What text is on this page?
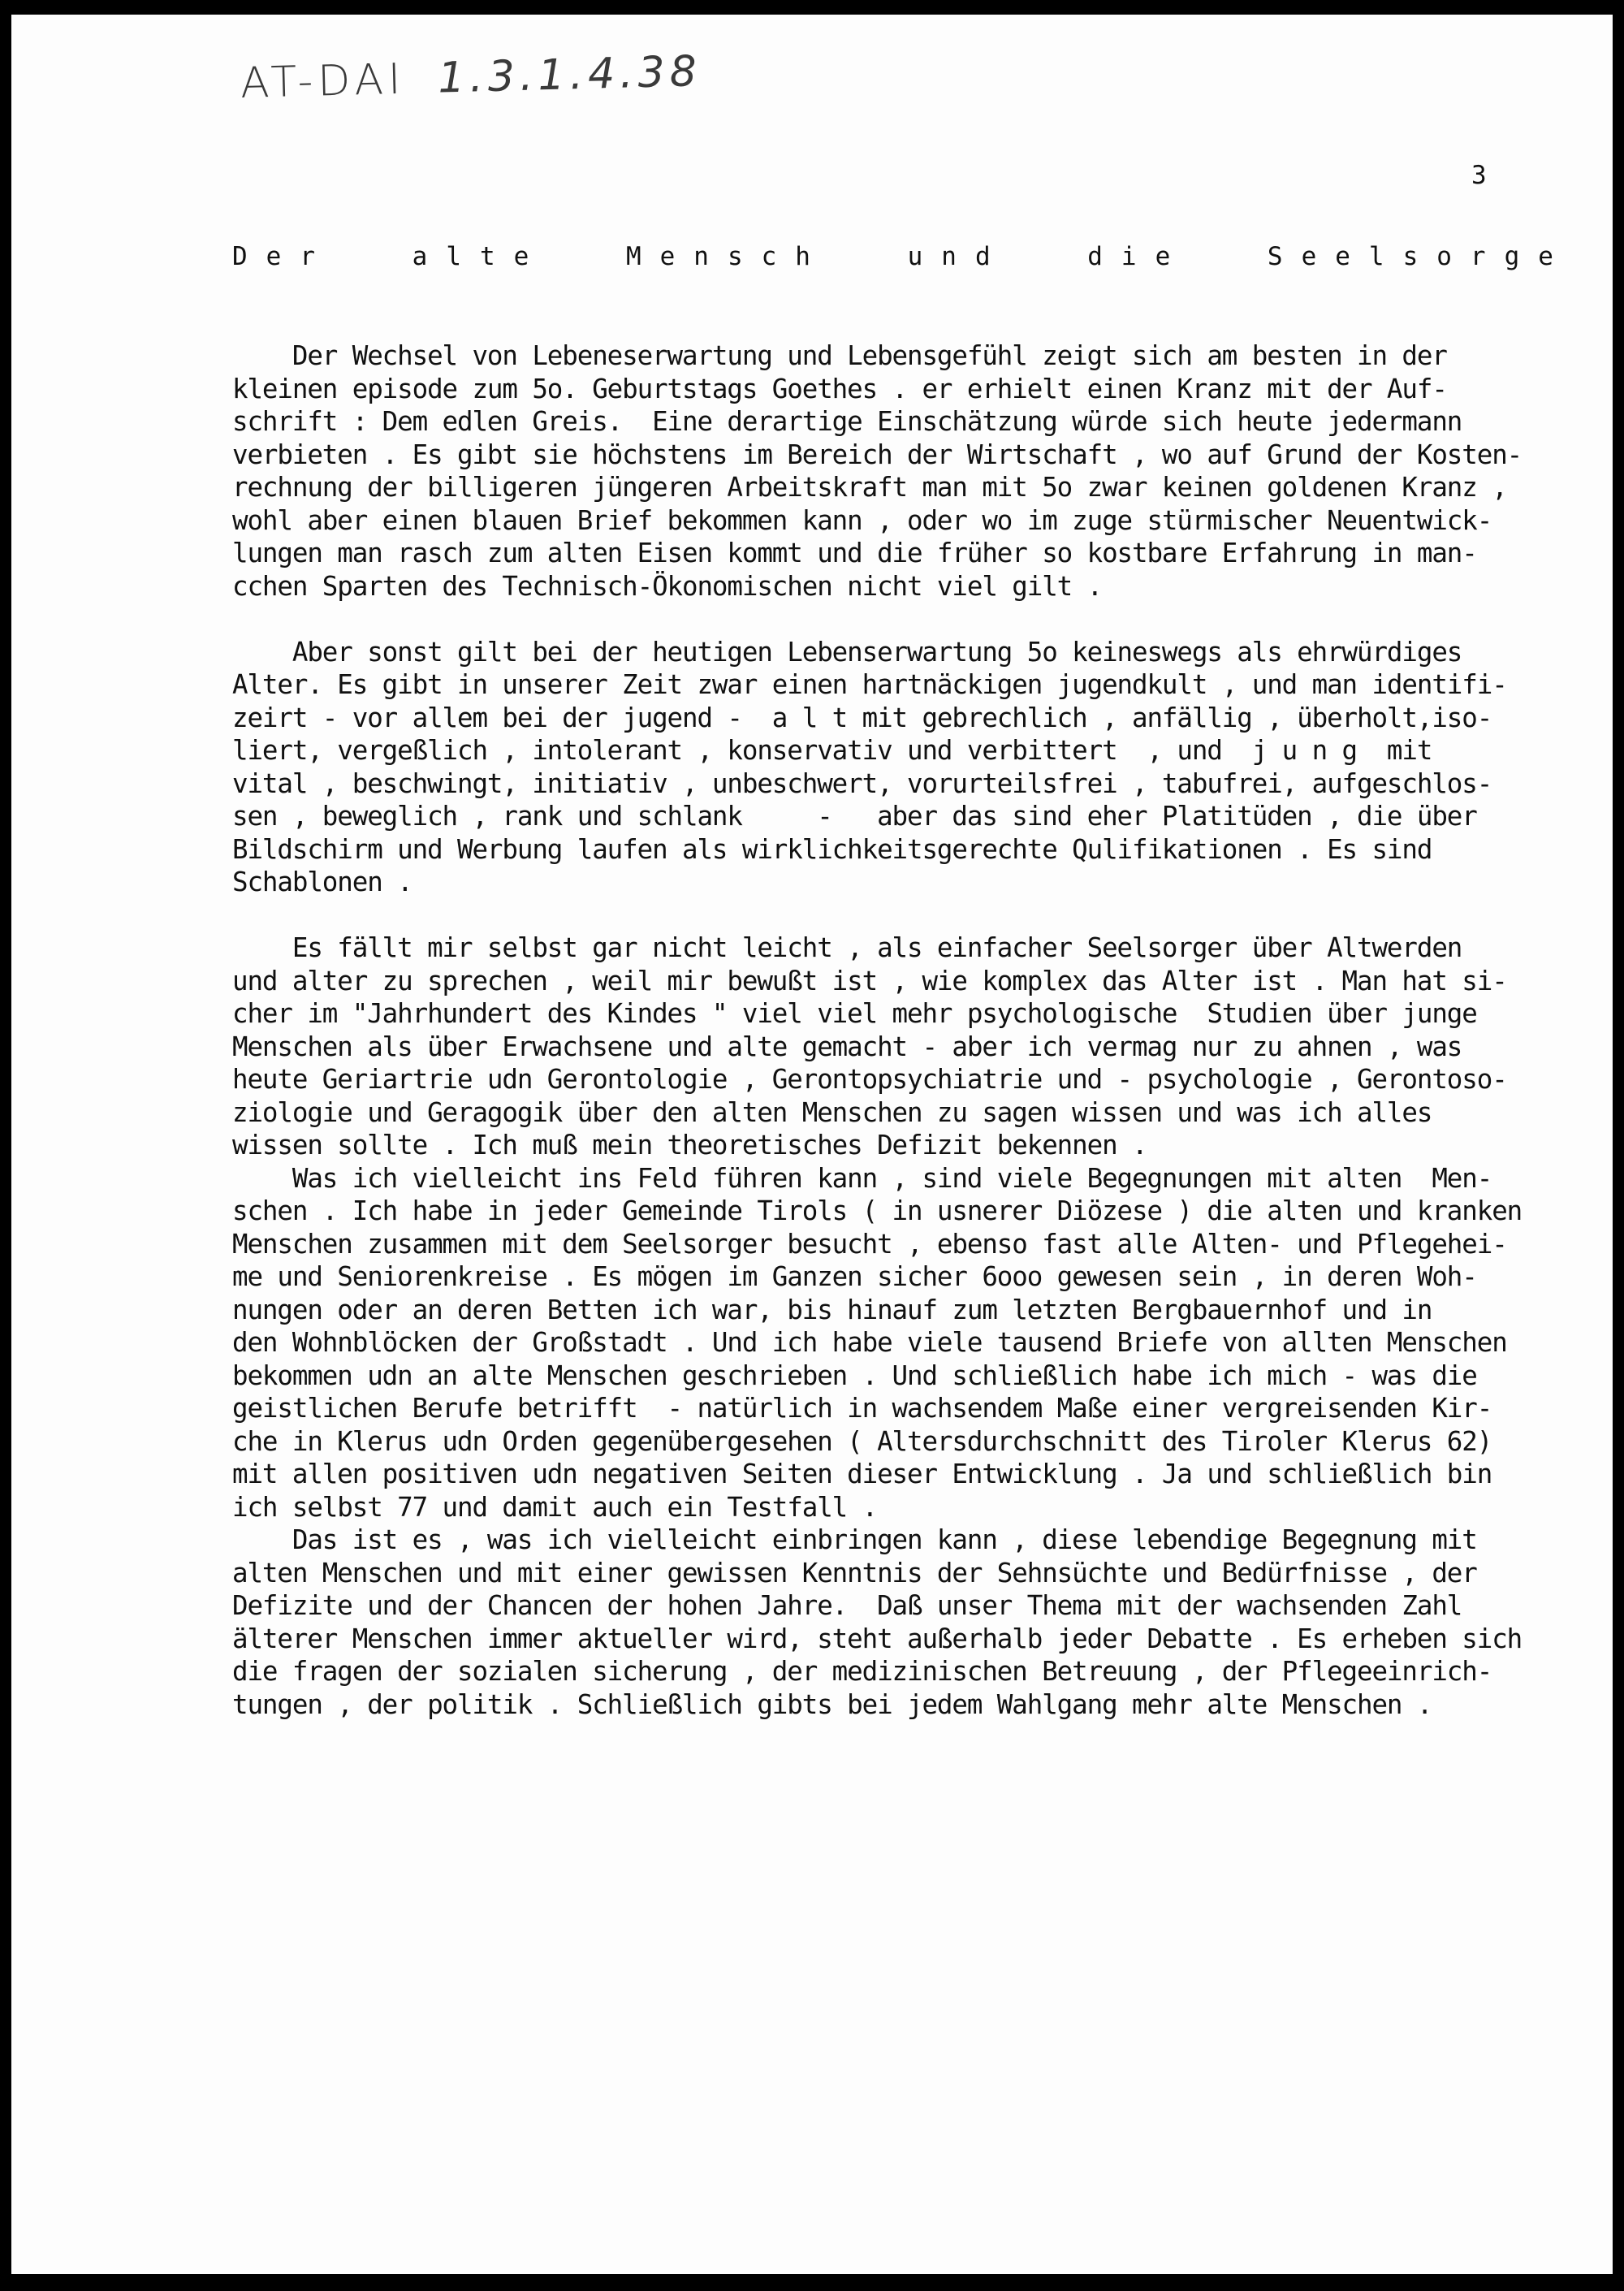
AT-DAI 1.3.1.4.38
3
Der alte Mensch und die Seelsorge
Der Wechsel von Lebeneserwartung und Lebensgefühl zeigt sich am besten in der
kleinen episode zum 5o. Geburtstags Goethes . er erhielt einen Kranz mit der Auf-
schrift : Dem edlen Greis.  Eine derartige Einschätzung würde sich heute jedermann
verbieten . Es gibt sie höchstens im Bereich der Wirtschaft , wo auf Grund der Kosten-
rechnung der billigeren jüngeren Arbeitskraft man mit 5o zwar keinen goldenen Kranz ,
wohl aber einen blauen Brief bekommen kann , oder wo im zuge stürmischer Neuentwick-
lungen man rasch zum alten Eisen kommt und die früher so kostbare Erfahrung in man-
cchen Sparten des Technisch-Ökonomischen nicht viel gilt .
Aber sonst gilt bei der heutigen Lebenserwartung 5o keineswegs als ehrwürdiges
Alter. Es gibt in unserer Zeit zwar einen hartnäckigen jugendkult , und man identifi-
zeirt - vor allem bei der jugend -  a l t mit gebrechlich , anfällig , überholt,iso-
liert, vergeßlich , intolerant , konservativ und verbittert  , und  j u n g  mit
vital , beschwingt, initiativ , unbeschwert, vorurteilsfrei , tabufrei, aufgeschlos-
sen , beweglich , rank und schlank     -   aber das sind eher Platitüden , die über
Bildschirm und Werbung laufen als wirklichkeitsgerechte Qulifikationen . Es sind
Schablonen .
Es fällt mir selbst gar nicht leicht , als einfacher Seelsorger über Altwerden
und alter zu sprechen , weil mir bewußt ist , wie komplex das Alter ist . Man hat si-
cher im "Jahrhundert des Kindes " viel viel mehr psychologische  Studien über junge
Menschen als über Erwachsene und alte gemacht - aber ich vermag nur zu ahnen , was
heute Geriartrie udn Gerontologie , Gerontopsychiatrie und - psychologie , Gerontoso-
ziologie und Geragogik über den alten Menschen zu sagen wissen und was ich alles
wissen sollte . Ich muß mein theoretisches Defizit bekennen .
Was ich vielleicht ins Feld führen kann , sind viele Begegnungen mit alten  Men-
schen . Ich habe in jeder Gemeinde Tirols ( in usnerer Diözese ) die alten und kranken
Menschen zusammen mit dem Seelsorger besucht , ebenso fast alle Alten- und Pflegehei-
me und Seniorenkreise . Es mögen im Ganzen sicher 6ooo gewesen sein , in deren Woh-
nungen oder an deren Betten ich war, bis hinauf zum letzten Bergbauernhof und in
den Wohnblöcken der Großstadt . Und ich habe viele tausend Briefe von allten Menschen
bekommen udn an alte Menschen geschrieben . Und schließlich habe ich mich - was die
geistlichen Berufe betrifft  - natürlich in wachsendem Maße einer vergreisenden Kir-
che in Klerus udn Orden gegenübergesehen ( Altersdurchschnitt des Tiroler Klerus 62)
mit allen positiven udn negativen Seiten dieser Entwicklung . Ja und schließlich bin
ich selbst 77 und damit auch ein Testfall .
Das ist es , was ich vielleicht einbringen kann , diese lebendige Begegnung mit
alten Menschen und mit einer gewissen Kenntnis der Sehnsüchte und Bedürfnisse , der
Defizite und der Chancen der hohen Jahre.  Daß unser Thema mit der wachsenden Zahl
älterer Menschen immer aktueller wird, steht außerhalb jeder Debatte . Es erheben sich
die fragen der sozialen sicherung , der medizinischen Betreuung , der Pflegeeinrich-
tungen , der politik . Schließlich gibts bei jedem Wahlgang mehr alte Menschen .
